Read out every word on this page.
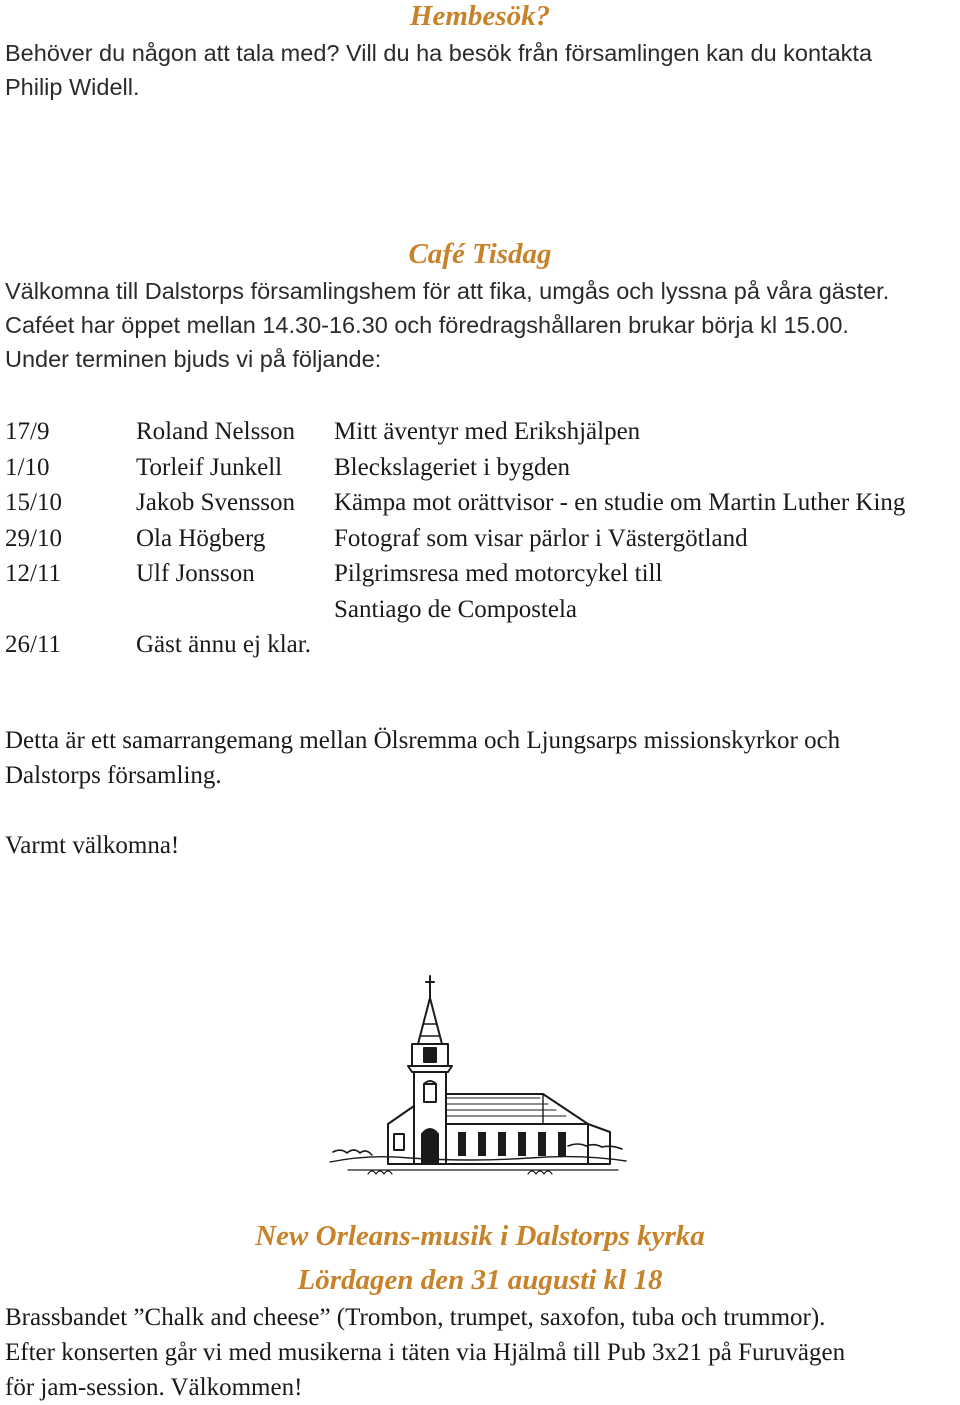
Hembesök?

Behöver du någon att tala med? Vill du ha besök från församlingen kan du kontakta
Philip Widell.

Café Tisdag

Välkomna till Dalstorps församlingshem för att fika, umgås och lyssna på våra gäster.
Caféet har öppet mellan 14.30-16.30 och föredragshållaren brukar börja kl 15.00.
Under terminen bjuds vi på följande:

17/9	Roland Nelsson	Mitt äventyr med Erikshjälpen
1/10	Torleif Junkell	Bleckslageriet i bygden
15/10	Jakob Svensson	Kämpa mot orättvisor - en studie om Martin Luther King
29/10	Ola Högberg	Fotograf som visar pärlor i Västergötland
12/11	Ulf Jonsson	Pilgrimsresa med motorcykel till Santiago de Compostela
26/11	Gäst ännu ej klar.

Detta är ett samarrangemang mellan Ölsremma och Ljungsarps missionskyrkor och
Dalstorps församling.

Varmt välkomna!

New Orleans-musik i Dalstorps kyrka
Lördagen den 31 augusti kl 18

Brassbandet ”Chalk and cheese” (Trombon, trumpet, saxofon, tuba och trummor).
Efter konserten går vi med musikerna i täten via Hjälmå till Pub 3x21 på Furuvägen
för jam-session. Välkommen!
